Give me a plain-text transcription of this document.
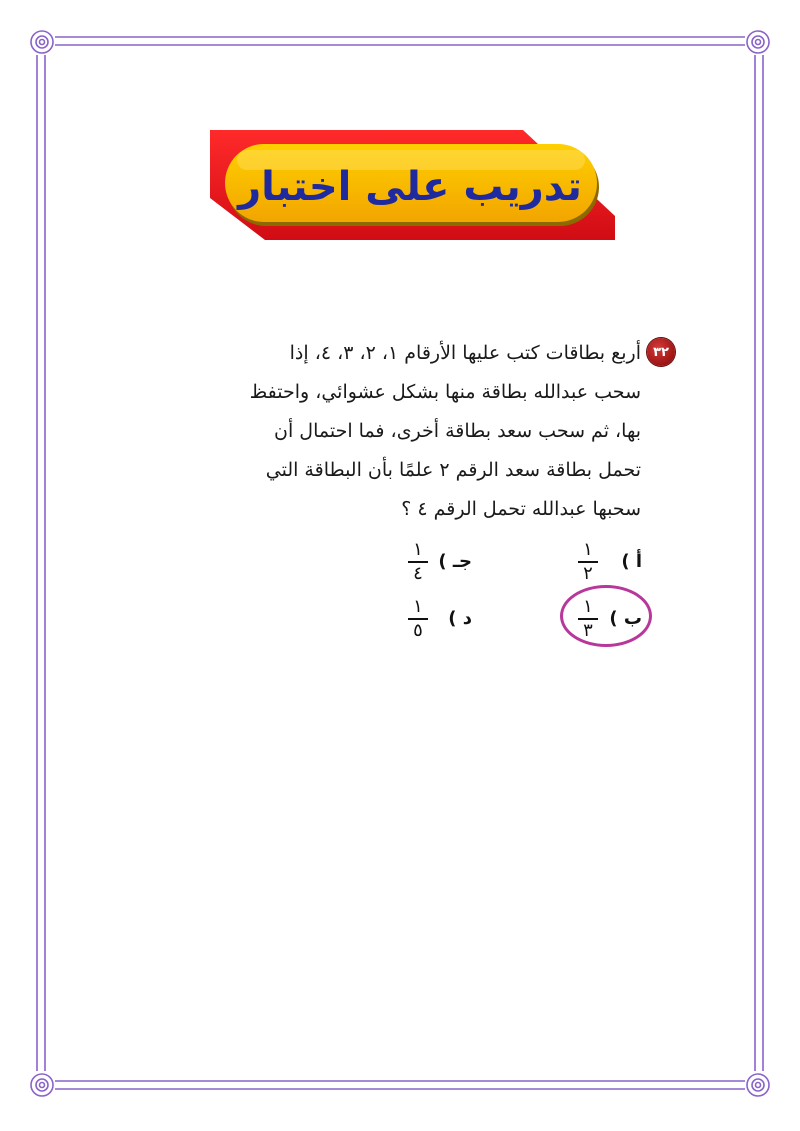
تدريب على اختبار
٣٢
أربع بطاقات كتب عليها الأرقام ١، ٢، ٣، ٤، إذا
سحب عبدالله بطاقة منها بشكل عشوائي، واحتفظ
بها، ثم سحب سعد بطاقة أخرى، فما احتمال أن
تحمل بطاقة سعد الرقم ٢ علمًا بأن البطاقة التي
سحبها عبدالله تحمل الرقم ٤ ؟
أ )
$\frac{١}{٢}$
جـ )
$\frac{١}{٤}$
ب )
$\frac{١}{٣}$
د )
$\frac{١}{٥}$
